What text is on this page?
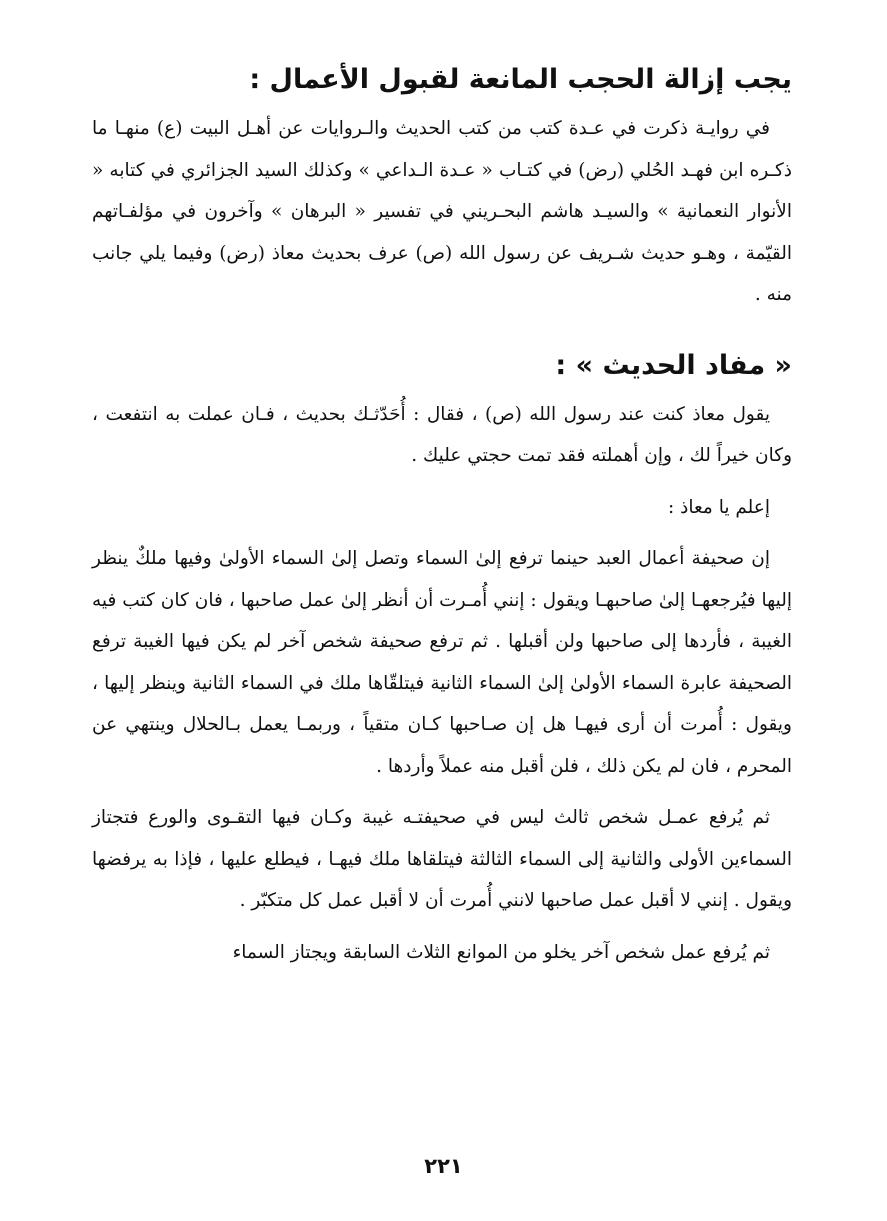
يجب إزالة الحجب المانعة لقبول الأعمال :

في روايـة ذكرت في عـدة كتب من كتب الحديث والـروايات عن أهـل البيت (ع) منهـا ما ذكـره ابن فهـد الحُلي (رض) في كتـاب « عـدة الـداعي » وكذلك السيد الجزائري في كتابه « الأنوار النعمانية » والسيـد هاشم البحـريني في تفسير « البرهان » وآخرون في مؤلفـاتهم القيّمة ، وهـو حديث شـريف عن رسول الله (ص) عرف بحديث معاذ (رض) وفيما يلي جانب منه .

« مفاد الحديث » :

يقول معاذ كنت عند رسول الله (ص) ، فقال : أُحَدّثـك بحديث ، فـان عملت به انتفعت ، وكان خيراً لك ، وإن أهملته فقد تمت حجتي عليك .

إعلم يا معاذ :

إن صحيفة أعمال العبد حينما ترفع إلىٰ السماء وتصل إلىٰ السماء الأولىٰ وفيها ملكٌ ينظر إليها فيُرجعهـا إلىٰ صاحبهـا ويقول : إنني أُمـرت أن أنظر إلىٰ عمل صاحبها ، فان كان كتب فيه الغيبة ، فأردها إلى صاحبها ولن أقبلها . ثم ترفع صحيفة شخص آخر لم يكن فيها الغيبة ترفع الصحيفة عابرة السماء الأولىٰ إلىٰ السماء الثانية فيتلقّاها ملك في السماء الثانية وينظر إليها ، ويقول : أُمرت أن أرى فيهـا هل إن صـاحبها كـان متقياً ، وربمـا يعمل بـالحلال وينتهي عن المحرم ، فان لم يكن ذلك ، فلن أقبل منه عملاً وأردها .

ثم يُرفع عمـل شخص ثالث ليس في صحيفتـه غيبة وكـان فيها التقـوى والورع فتجتاز السماءين الأولى والثانية إلى السماء الثالثة فيتلقاها ملك فيهـا ، فيطلع عليها ، فإذا به يرفضها ويقول . إنني لا أقبل عمل صاحبها لانني أُمرت أن لا أقبل عمل كل متكبّر .

ثم يُرفع عمل شخص آخر يخلو من الموانع الثلاث السابقة ويجتاز السماء

٢٢١
